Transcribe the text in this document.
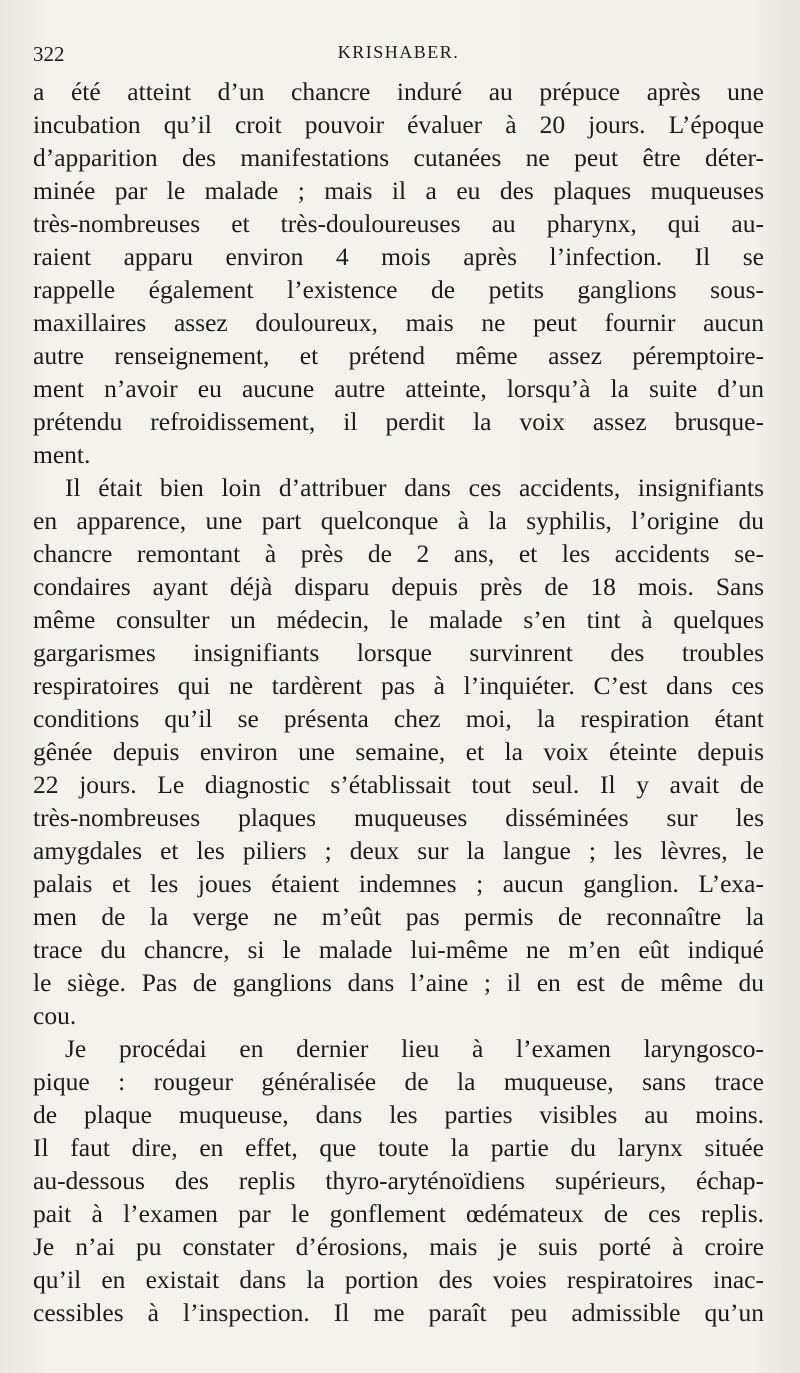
322	KRISHABER.
a été atteint d’un chancre induré au prépuce après une
incubation qu’il croit pouvoir évaluer à 20 jours. L’époque
d’apparition des manifestations cutanées ne peut être déter-
minée par le malade ; mais il a eu des plaques muqueuses
très-nombreuses et très-douloureuses au pharynx, qui au-
raient apparu environ 4 mois après l’infection. Il se
rappelle également l’existence de petits ganglions sous-
maxillaires assez douloureux, mais ne peut fournir aucun
autre renseignement, et prétend même assez péremptoire-
ment n’avoir eu aucune autre atteinte, lorsqu’à la suite d’un
prétendu refroidissement, il perdit la voix assez brusque-
ment.
Il était bien loin d’attribuer dans ces accidents, insignifiants
en apparence, une part quelconque à la syphilis, l’origine du
chancre remontant à près de 2 ans, et les accidents se-
condaires ayant déjà disparu depuis près de 18 mois. Sans
même consulter un médecin, le malade s’en tint à quelques
gargarismes insignifiants lorsque survinrent des troubles
respiratoires qui ne tardèrent pas à l’inquiéter. C’est dans ces
conditions qu’il se présenta chez moi, la respiration étant
gênée depuis environ une semaine, et la voix éteinte depuis
22 jours. Le diagnostic s’établissait tout seul. Il y avait de
très-nombreuses plaques muqueuses disséminées sur les
amygdales et les piliers ; deux sur la langue ; les lèvres, le
palais et les joues étaient indemnes ; aucun ganglion. L’exa-
men de la verge ne m’eût pas permis de reconnaître la
trace du chancre, si le malade lui-même ne m’en eût indiqué
le siège. Pas de ganglions dans l’aine ; il en est de même du
cou.
Je procédai en dernier lieu à l’examen laryngosco-
pique : rougeur généralisée de la muqueuse, sans trace
de plaque muqueuse, dans les parties visibles au moins.
Il faut dire, en effet, que toute la partie du larynx située
au-dessous des replis thyro-aryténoïdiens supérieurs, échap-
pait à l’examen par le gonflement œdémateux de ces replis.
Je n’ai pu constater d’érosions, mais je suis porté à croire
qu’il en existait dans la portion des voies respiratoires inac-
cessibles à l’inspection. Il me paraît peu admissible qu’un
